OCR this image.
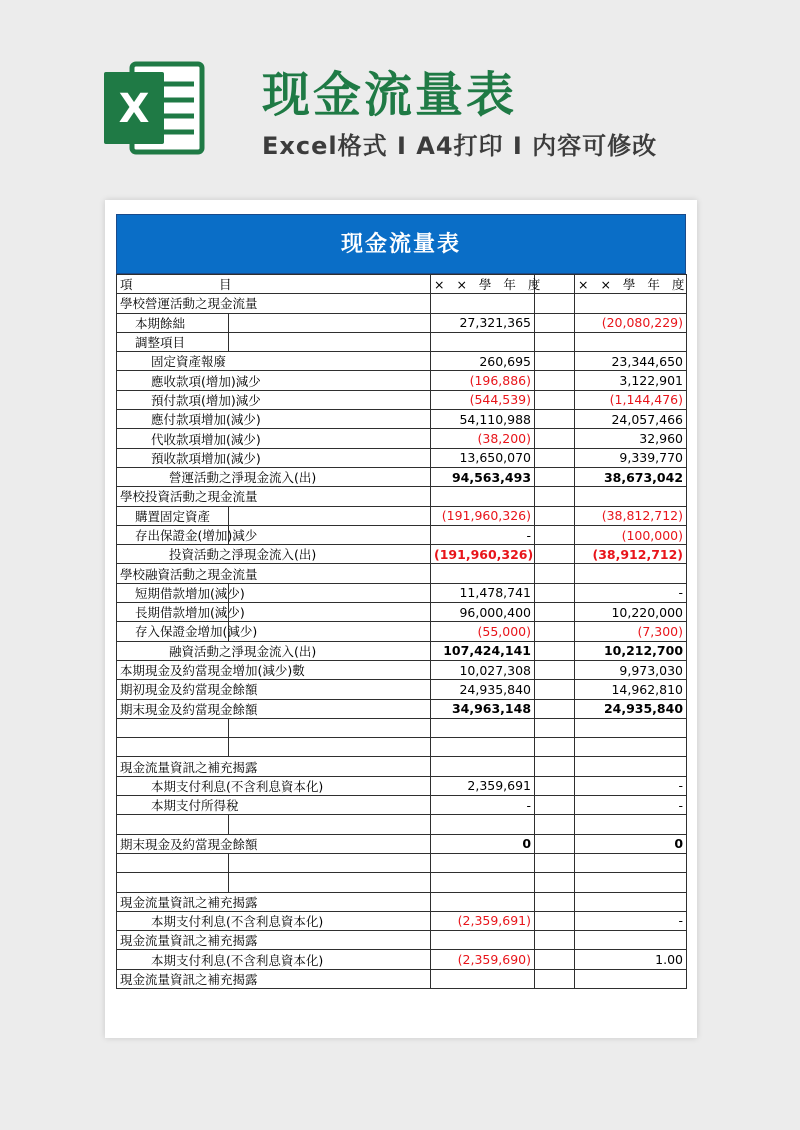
X 现金流量表
Excel格式 I A4打印 I 内容可修改
现金流量表
項　　　　　目		× × 學 年 度		× × 學 年 度
學校營運活動之現金流量				
本期餘絀		27,321,365		(20,080,229)
調整項目				
固定資產報廢		260,695		23,344,650
應收款項(增加)減少		(196,886)		3,122,901
預付款項(增加)減少		(544,539)		(1,144,476)
應付款項增加(減少)		54,110,988		24,057,466
代收款項增加(減少)		(38,200)		32,960
預收款項增加(減少)		13,650,070		9,339,770
營運活動之淨現金流入(出)		94,563,493		38,673,042
學校投資活動之現金流量				
購置固定資產		(191,960,326)		(38,812,712)
存出保證金(增加)減少		-		(100,000)
投資活動之淨現金流入(出)		(191,960,326)		(38,912,712)
學校融資活動之現金流量				
短期借款增加(減少)		11,478,741		-
長期借款增加(減少)		96,000,400		10,220,000
存入保證金增加(減少)		(55,000)		(7,300)
融資活動之淨現金流入(出)		107,424,141		10,212,700
本期現金及約當現金增加(減少)數		10,027,308		9,973,030
期初現金及約當現金餘額		24,935,840		14,962,810
期末現金及約當現金餘額		34,963,148		24,935,840

現金流量資訊之補充揭露				
本期支付利息(不含利息資本化)		2,359,691		-
本期支付所得稅		-		-

期末現金及約當現金餘額		0		0

現金流量資訊之補充揭露				
本期支付利息(不含利息資本化)		(2,359,691)		-
現金流量資訊之補充揭露				
本期支付利息(不含利息資本化)		(2,359,690)		1.00
現金流量資訊之補充揭露				
